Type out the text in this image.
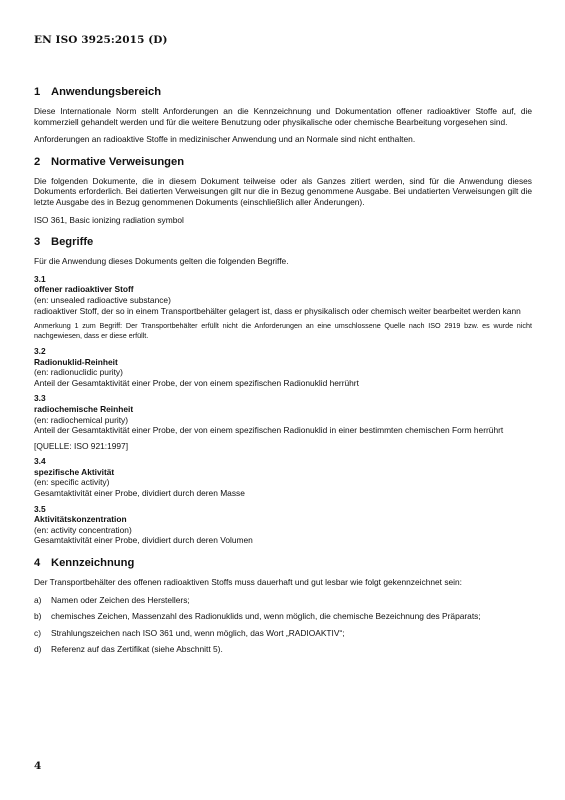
EN ISO 3925:2015 (D)
1 Anwendungsbereich

Diese Internationale Norm stellt Anforderungen an die Kennzeichnung und Dokumentation offener radioaktiver Stoffe auf, die kommerziell gehandelt werden und für die weitere Benutzung oder physikalische oder chemische Bearbeitung vorgesehen sind.

Anforderungen an radioaktive Stoffe in medizinischer Anwendung und an Normale sind nicht enthalten.

2 Normative Verweisungen

Die folgenden Dokumente, die in diesem Dokument teilweise oder als Ganzes zitiert werden, sind für die Anwendung dieses Dokuments erforderlich. Bei datierten Verweisungen gilt nur die in Bezug genommene Ausgabe. Bei undatierten Verweisungen gilt die letzte Ausgabe des in Bezug genommenen Dokuments (einschließlich aller Änderungen).

ISO 361, Basic ionizing radiation symbol

3 Begriffe

Für die Anwendung dieses Dokuments gelten die folgenden Begriffe.

3.1
offener radioaktiver Stoff
(en: unsealed radioactive substance)
radioaktiver Stoff, der so in einem Transportbehälter gelagert ist, dass er physikalisch oder chemisch weiter bearbeitet werden kann
Anmerkung 1 zum Begriff: Der Transportbehälter erfüllt nicht die Anforderungen an eine umschlossene Quelle nach ISO 2919 bzw. es wurde nicht nachgewiesen, dass er diese erfüllt.
3.2
Radionuklid-Reinheit
(en: radionuclidic purity)
Anteil der Gesamtaktivität einer Probe, der von einem spezifischen Radionuklid herrührt
3.3
radiochemische Reinheit
(en: radiochemical purity)
Anteil der Gesamtaktivität einer Probe, der von einem spezifischen Radionuklid in einer bestimmten chemischen Form herrührt
[QUELLE: ISO 921:1997]
3.4
spezifische Aktivität
(en: specific activity)
Gesamtaktivität einer Probe, dividiert durch deren Masse
3.5
Aktivitätskonzentration
(en: activity concentration)
Gesamtaktivität einer Probe, dividiert durch deren Volumen
4 Kennzeichnung

Der Transportbehälter des offenen radioaktiven Stoffs muss dauerhaft und gut lesbar wie folgt gekennzeichnet sein:

a)	Namen oder Zeichen des Herstellers;
b)	chemisches Zeichen, Massenzahl des Radionuklids und, wenn möglich, die chemische Bezeichnung des Präparats;
c)	Strahlungszeichen nach ISO 361 und, wenn möglich, das Wort „RADIOAKTIV“;
d)	Referenz auf das Zertifikat (siehe Abschnitt 5).
4
